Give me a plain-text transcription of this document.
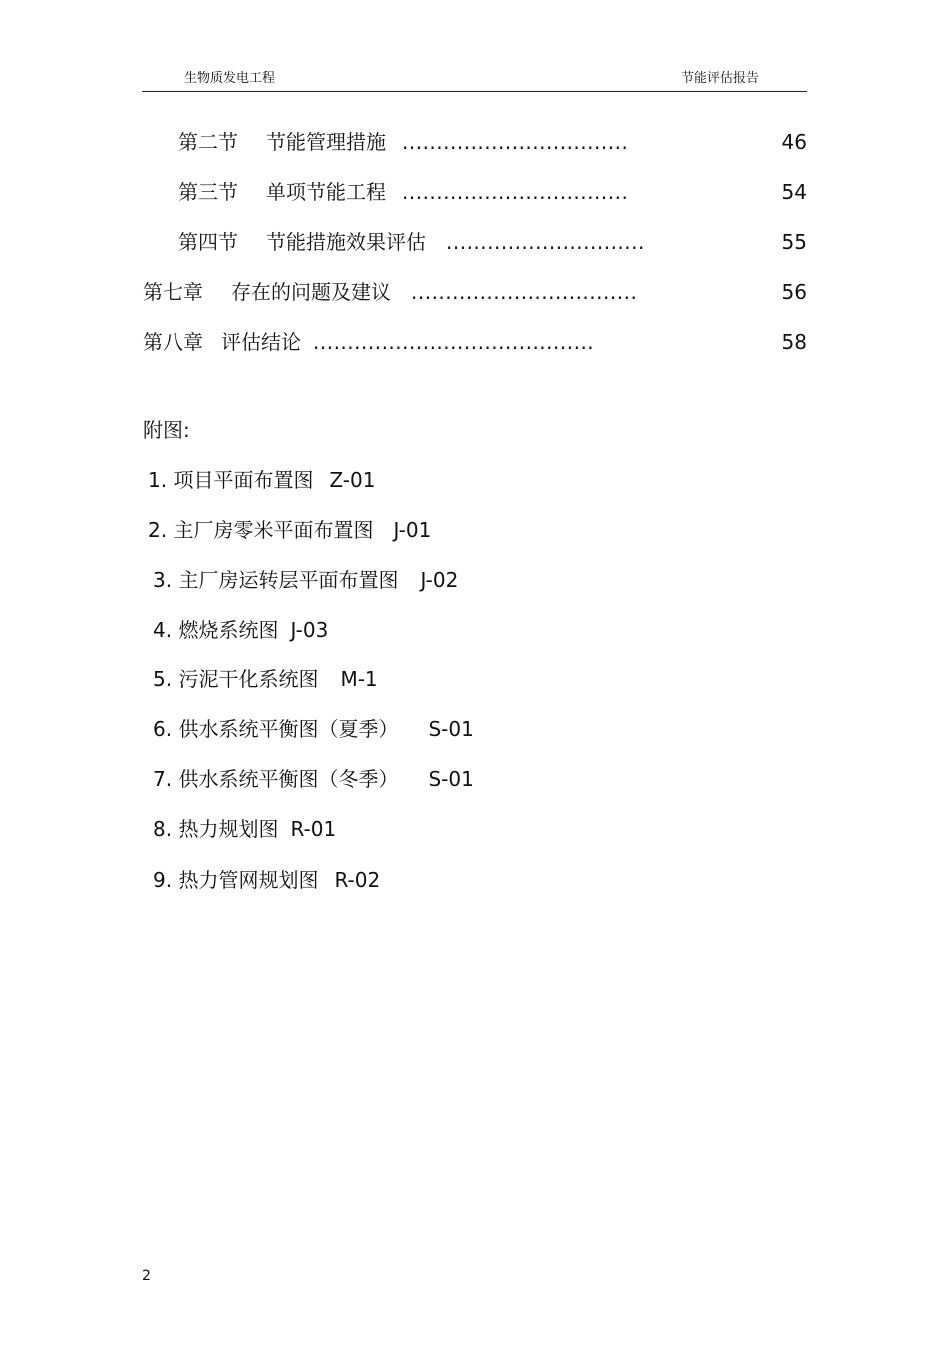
生物质发电工程	节能评估报告
第二节 节能管理措施 .................................	46
第三节 单项节能工程 .................................	54
第四节 节能措施效果评估 .............................	55
第七章 存在的问题及建议 .................................	56
第八章 评估结论 .........................................	58
附图:
1. 项目平面布置图 Z-01
2. 主厂房零米平面布置图 J-01
3. 主厂房运转层平面布置图 J-02
4. 燃烧系统图 J-03
5. 污泥干化系统图 M-1
6. 供水系统平衡图（夏季） S-01
7. 供水系统平衡图（冬季） S-01
8. 热力规划图 R-01
9. 热力管网规划图 R-02
2
